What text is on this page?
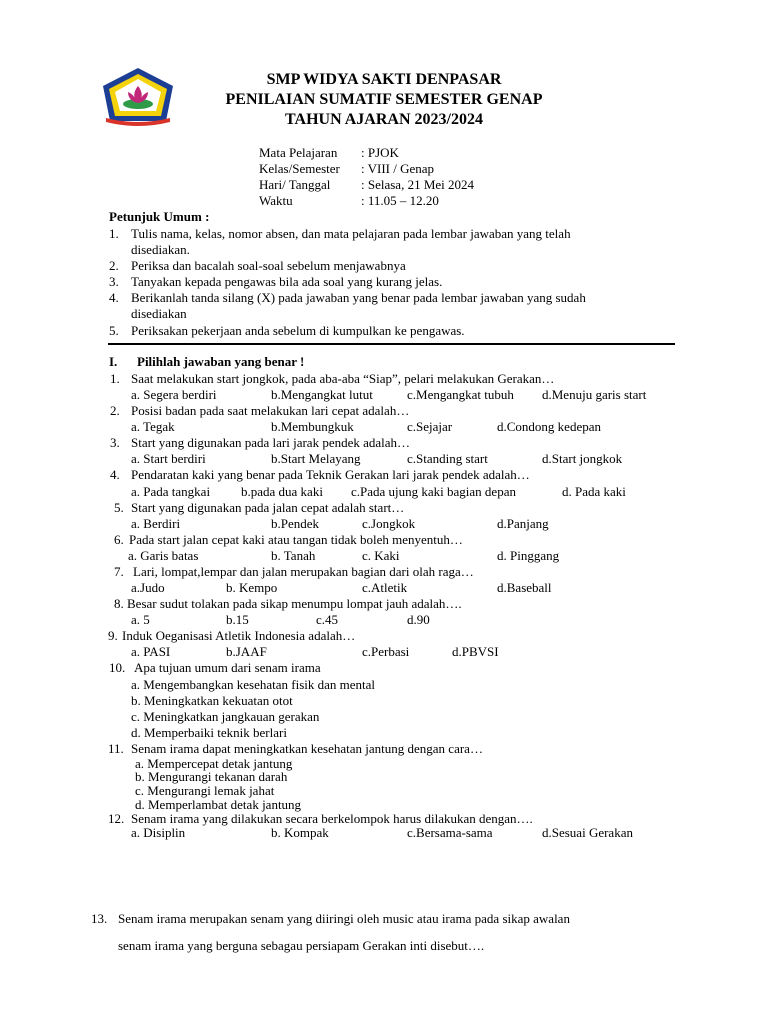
SMP WIDYA SAKTI DENPASAR
PENILAIAN SUMATIF SEMESTER GENAP
TAHUN AJARAN 2023/2024
Mata Pelajaran : PJOK
Kelas/Semester : VIII / Genap
Hari/ Tanggal : Selasa, 21 Mei 2024
Waktu	: 11.05 – 12.20
Petunjuk Umum :
1. Tulis nama, kelas, nomor absen, dan mata pelajaran pada lembar jawaban yang telah
disediakan.
2. Periksa dan bacalah soal-soal sebelum menjawabnya
3. Tanyakan kepada pengawas bila ada soal yang kurang jelas.
4. Berikanlah tanda silang (X) pada jawaban yang benar pada lembar jawaban yang sudah
disediakan
5. Periksakan pekerjaan anda sebelum di kumpulkan ke pengawas.
I. Pilihlah jawaban yang benar !
1. Saat melakukan start jongkok, pada aba-aba “Siap”, pelari melakukan Gerakan…
a. Segera berdiri	b.Mengangkat lutut	c.Mengangkat tubuh d.Menuju garis start
2. Posisi badan pada saat melakukan lari cepat adalah…
a. Tegak	b.Membungkuk	c.Sejajar	d.Condong kedepan
3. Start yang digunakan pada lari jarak pendek adalah…
a. Start berdiri	b.Start Melayang	c.Standing start	d.Start jongkok
4. Pendaratan kaki yang benar pada Teknik Gerakan lari jarak pendek adalah…
a. Pada tangkai b.pada dua kaki c.Pada ujung kaki bagian depan	d. Pada kaki
5. Start yang digunakan pada jalan cepat adalah start…
a. Berdiri	b.Pendek	c.Jongkok	d.Panjang
6. Pada start jalan cepat kaki atau tangan tidak boleh menyentuh…
a. Garis batas	b. Tanah	c. Kaki	d. Pinggang
7. Lari, lompat,lempar dan jalan merupakan bagian dari olah raga…
a.Judo	b. Kempo	c.Atletik	d.Baseball
8. Besar sudut tolakan pada sikap menumpu lompat jauh adalah….
a. 5	b.15	c.45	d.90
9. Induk Oeganisasi Atletik Indonesia adalah…
a. PASI	b.JAAF	c.Perbasi	d.PBVSI
10. Apa tujuan umum dari senam irama
a. Mengembangkan kesehatan fisik dan mental
b. Meningkatkan kekuatan otot
c. Meningkatkan jangkauan gerakan
d. Memperbaiki teknik berlari
11. Senam irama dapat meningkatkan kesehatan jantung dengan cara…
a. Mempercepat detak jantung
b. Mengurangi tekanan darah
c. Mengurangi lemak jahat
d. Memperlambat detak jantung
12. Senam irama yang dilakukan secara berkelompok harus dilakukan dengan….
a. Disiplin	b. Kompak	c.Bersama-sama	d.Sesuai Gerakan
13. Senam irama merupakan senam yang diiringi oleh music atau irama pada sikap awalan
senam irama yang berguna sebagau persiapam Gerakan inti disebut….
